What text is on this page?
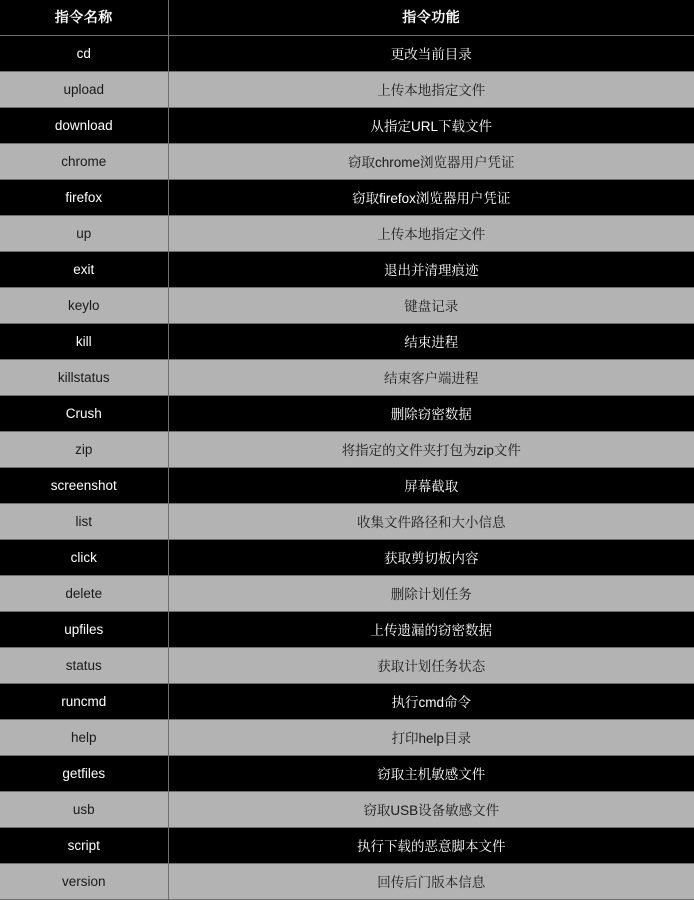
指令名称	指令功能
cd	更改当前目录
upload	上传本地指定文件
download	从指定URL下载文件
chrome	窃取chrome浏览器用户凭证
firefox	窃取firefox浏览器用户凭证
up	上传本地指定文件
exit	退出并清理痕迹
keylo	键盘记录
kill	结束进程
killstatus	结束客户端进程
Crush	删除窃密数据
zip	将指定的文件夹打包为zip文件
screenshot	屏幕截取
list	收集文件路径和大小信息
click	获取剪切板内容
delete	删除计划任务
upfiles	上传遗漏的窃密数据
status	获取计划任务状态
runcmd	执行cmd命令
help	打印help目录
getfiles	窃取主机敏感文件
usb	窃取USB设备敏感文件
script	执行下载的恶意脚本文件
version	回传后门版本信息
